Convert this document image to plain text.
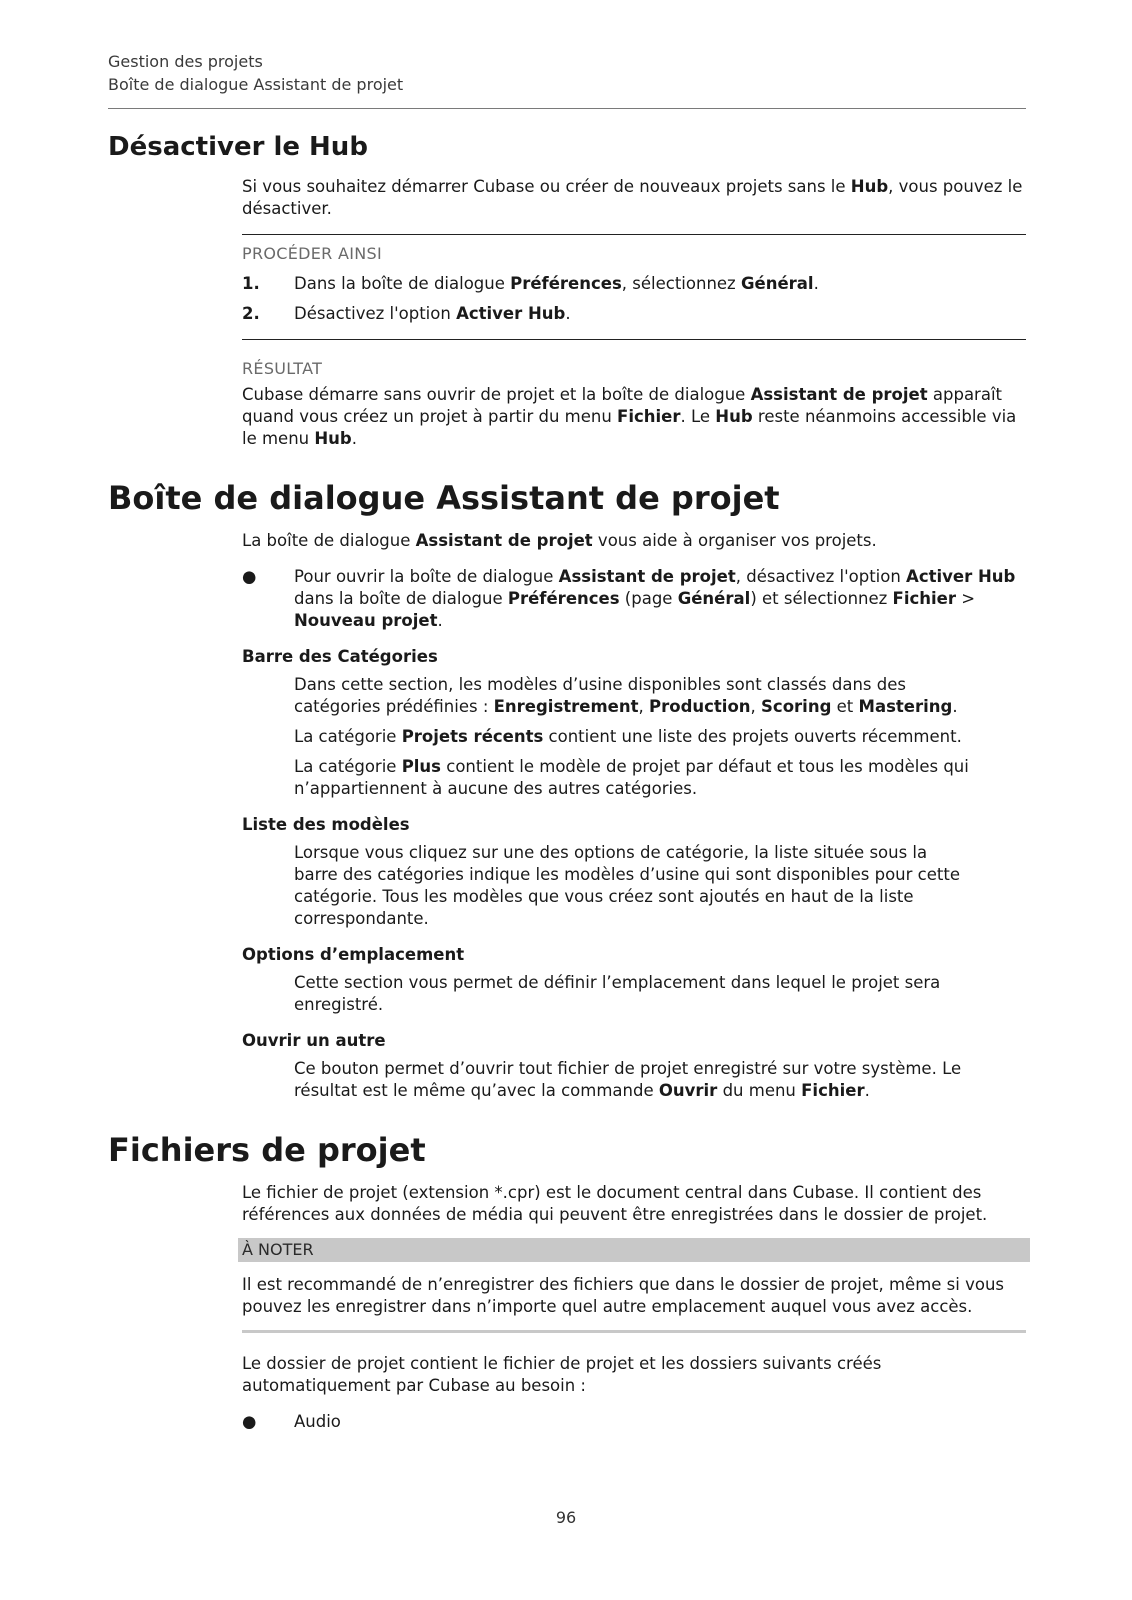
Gestion des projets
Boîte de dialogue Assistant de projet
Désactiver le Hub

Si vous souhaitez démarrer Cubase ou créer de nouveaux projets sans le Hub, vous pouvez le désactiver.

PROCÉDER AINSI
1.	Dans la boîte de dialogue Préférences, sélectionnez Général.
2.	Désactivez l'option Activer Hub.
RÉSULTAT

Cubase démarre sans ouvrir de projet et la boîte de dialogue Assistant de projet apparaît quand vous créez un projet à partir du menu Fichier. Le Hub reste néanmoins accessible via le menu Hub.

Boîte de dialogue Assistant de projet

La boîte de dialogue Assistant de projet vous aide à organiser vos projets.

●	Pour ouvrir la boîte de dialogue Assistant de projet, désactivez l'option Activer Hub dans la boîte de dialogue Préférences (page Général) et sélectionnez Fichier > Nouveau projet.
Barre des Catégories

Dans cette section, les modèles d’usine disponibles sont classés dans des catégories prédéfinies : Enregistrement, Production, Scoring et Mastering.

La catégorie Projets récents contient une liste des projets ouverts récemment.

La catégorie Plus contient le modèle de projet par défaut et tous les modèles qui n’appartiennent à aucune des autres catégories.

Liste des modèles

Lorsque vous cliquez sur une des options de catégorie, la liste située sous la barre des catégories indique les modèles d’usine qui sont disponibles pour cette catégorie. Tous les modèles que vous créez sont ajoutés en haut de la liste correspondante.

Options d’emplacement

Cette section vous permet de définir l’emplacement dans lequel le projet sera enregistré.

Ouvrir un autre

Ce bouton permet d’ouvrir tout fichier de projet enregistré sur votre système. Le résultat est le même qu’avec la commande Ouvrir du menu Fichier.

Fichiers de projet

Le fichier de projet (extension *.cpr) est le document central dans Cubase. Il contient des références aux données de média qui peuvent être enregistrées dans le dossier de projet.

À NOTER

Il est recommandé de n’enregistrer des fichiers que dans le dossier de projet, même si vous pouvez les enregistrer dans n’importe quel autre emplacement auquel vous avez accès.

Le dossier de projet contient le fichier de projet et les dossiers suivants créés automatiquement par Cubase au besoin :

●	Audio
96
